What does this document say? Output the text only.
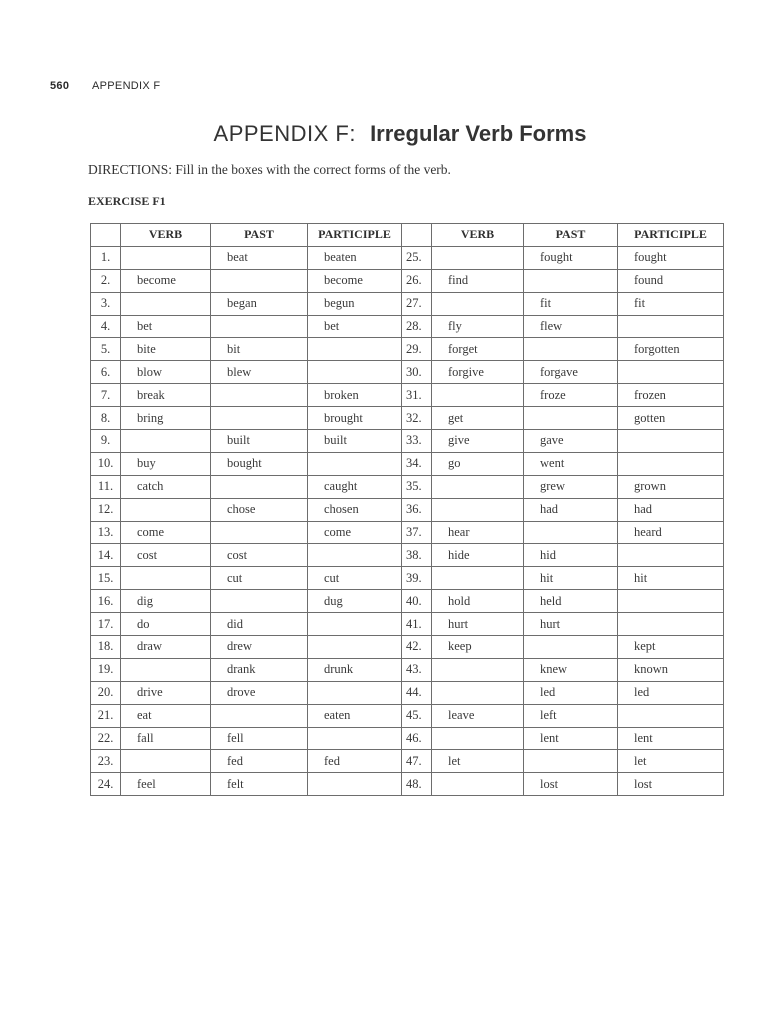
560 APPENDIX F
APPENDIX F: Irregular Verb Forms
DIRECTIONS: Fill in the boxes with the correct forms of the verb.
EXERCISE F1
	VERB	PAST	PARTICIPLE		VERB	PAST	PARTICIPLE
1.		beat	beaten	25.		fought	fought
2.	become		become	26.	find		found
3.		began	begun	27.		fit	fit
4.	bet		bet	28.	fly	flew	
5.	bite	bit		29.	forget		forgotten
6.	blow	blew		30.	forgive	forgave	
7.	break		broken	31.		froze	frozen
8.	bring		brought	32.	get		gotten
9.		built	built	33.	give	gave	
10.	buy	bought		34.	go	went	
11.	catch		caught	35.		grew	grown
12.		chose	chosen	36.		had	had
13.	come		come	37.	hear		heard
14.	cost	cost		38.	hide	hid	
15.		cut	cut	39.		hit	hit
16.	dig		dug	40.	hold	held	
17.	do	did		41.	hurt	hurt	
18.	draw	drew		42.	keep		kept
19.		drank	drunk	43.		knew	known
20.	drive	drove		44.		led	led
21.	eat		eaten	45.	leave	left	
22.	fall	fell		46.		lent	lent
23.		fed	fed	47.	let		let
24.	feel	felt		48.		lost	lost
